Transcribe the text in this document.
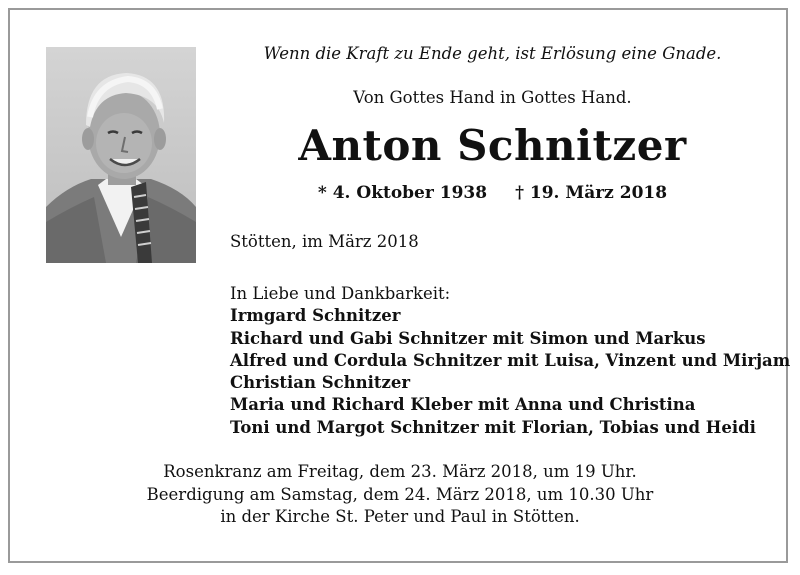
Wenn die Kraft zu Ende geht, ist Erlösung eine Gnade.
Von Gottes Hand in Gottes Hand.
Anton Schnitzer
* 4. Oktober 1938 † 19. März 2018
Stötten, im März 2018
In Liebe und Dankbarkeit:
Irmgard Schnitzer
Richard und Gabi Schnitzer mit Simon und Markus
Alfred und Cordula Schnitzer mit Luisa, Vinzent und Mirjam
Christian Schnitzer
Maria und Richard Kleber mit Anna und Christina
Toni und Margot Schnitzer mit Florian, Tobias und Heidi
Rosenkranz am Freitag, dem 23. März 2018, um 19 Uhr.
Beerdigung am Samstag, dem 24. März 2018, um 10.30 Uhr
in der Kirche St. Peter und Paul in Stötten.
